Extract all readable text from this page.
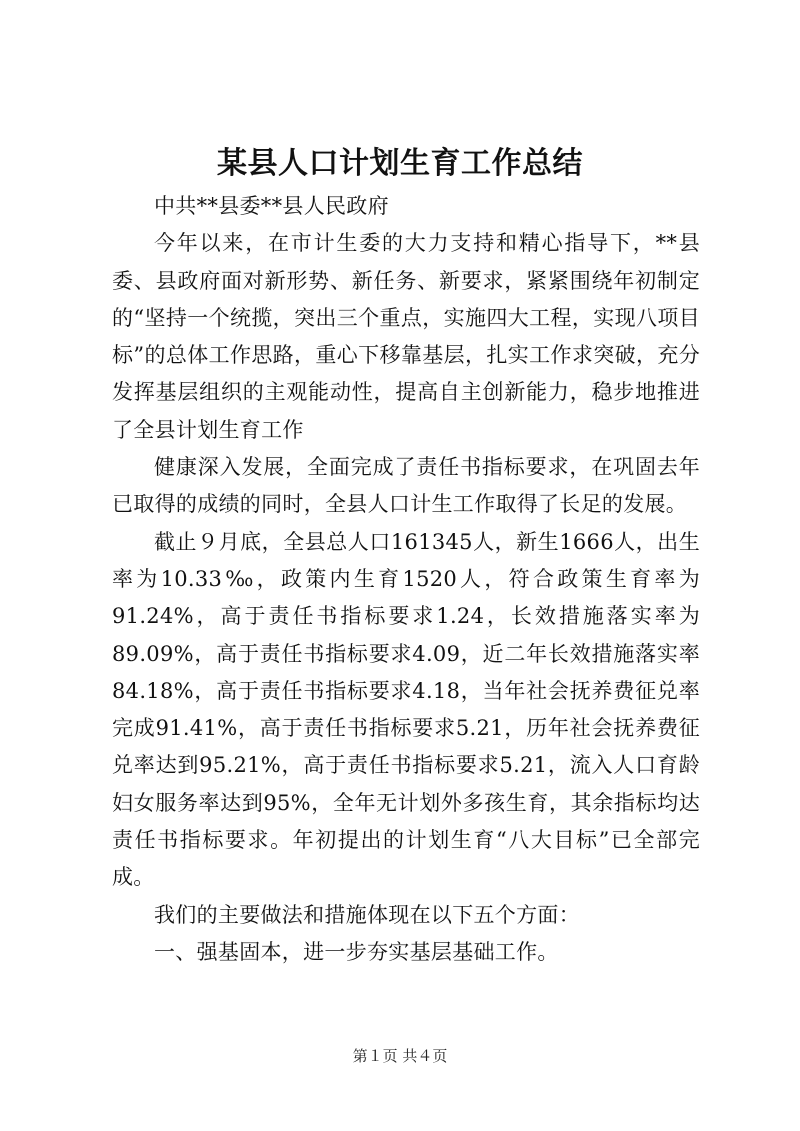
某县人口计划生育工作总结

中共**县委**县人民政府

今年以来，在市计生委的大力支持和精心指导下，**县委、县政府面对新形势、新任务、新要求，紧紧围绕年初制定的“坚持一个统揽，突出三个重点，实施四大工程，实现八项目标”的总体工作思路，重心下移靠基层，扎实工作求突破，充分发挥基层组织的主观能动性，提高自主创新能力，稳步地推进了全县计划生育工作

健康深入发展，全面完成了责任书指标要求，在巩固去年已取得的成绩的同时，全县人口计生工作取得了长足的发展。

截止９月底，全县总人口161345人，新生1666人，出生率为10.33‰，政策内生育1520人，符合政策生育率为91.24%，高于责任书指标要求1.24，长效措施落实率为89.09%，高于责任书指标要求4.09，近二年长效措施落实率84.18%，高于责任书指标要求4.18，当年社会抚养费征兑率完成91.41%，高于责任书指标要求5.21，历年社会抚养费征兑率达到95.21%，高于责任书指标要求5.21，流入人口育龄妇女服务率达到95%，全年无计划外多孩生育，其余指标均达责任书指标要求。年初提出的计划生育“八大目标”已全部完成。

我们的主要做法和措施体现在以下五个方面：

一、强基固本，进一步夯实基层基础工作。

第１页 共４页
